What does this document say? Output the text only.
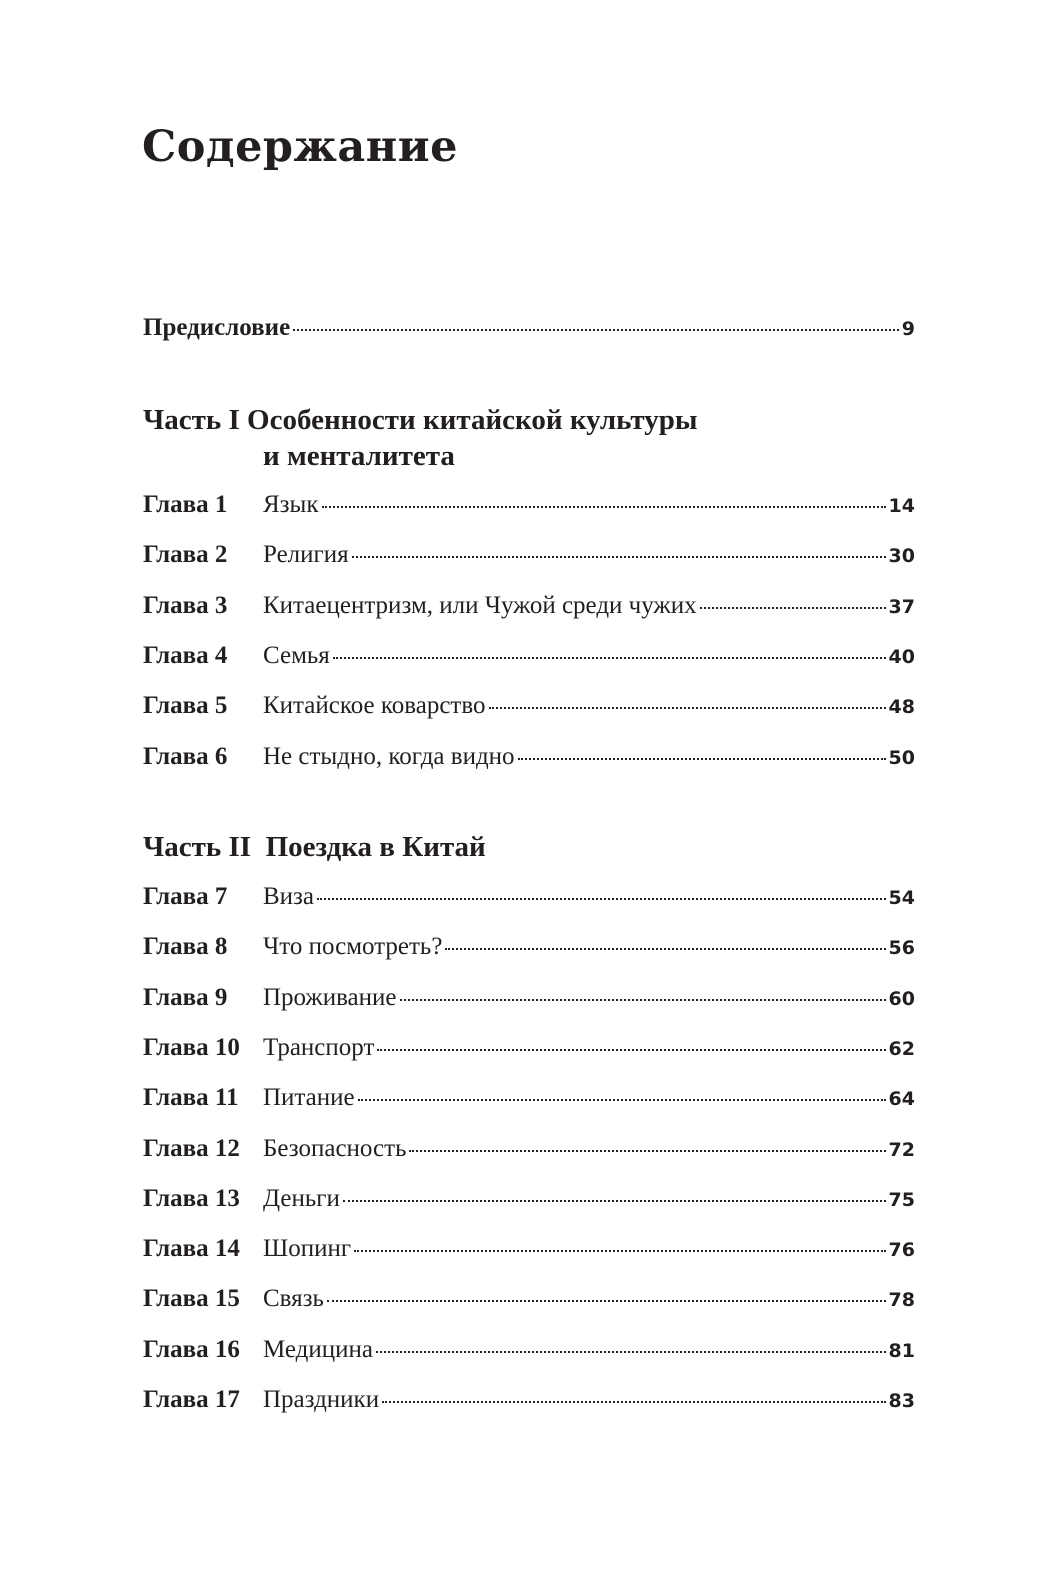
Содержание
Предисловие	9
Часть I Особенности китайской культуры
и менталитета
Глава 1	Язык	14
Глава 2	Религия	30
Глава 3	Китаецентризм, или Чужой среди чужих	37
Глава 4	Семья	40
Глава 5	Китайское коварство	48
Глава 6	Не стыдно, когда видно	50
Часть II Поездка в Китай
Глава 7	Виза	54
Глава 8	Что посмотреть?	56
Глава 9	Проживание	60
Глава 10 Транспорт	62
Глава 11 Питание	64
Глава 12 Безопасность	72
Глава 13 Деньги	75
Глава 14 Шопинг	76
Глава 15 Связь	78
Глава 16 Медицина	81
Глава 17 Праздники	83
